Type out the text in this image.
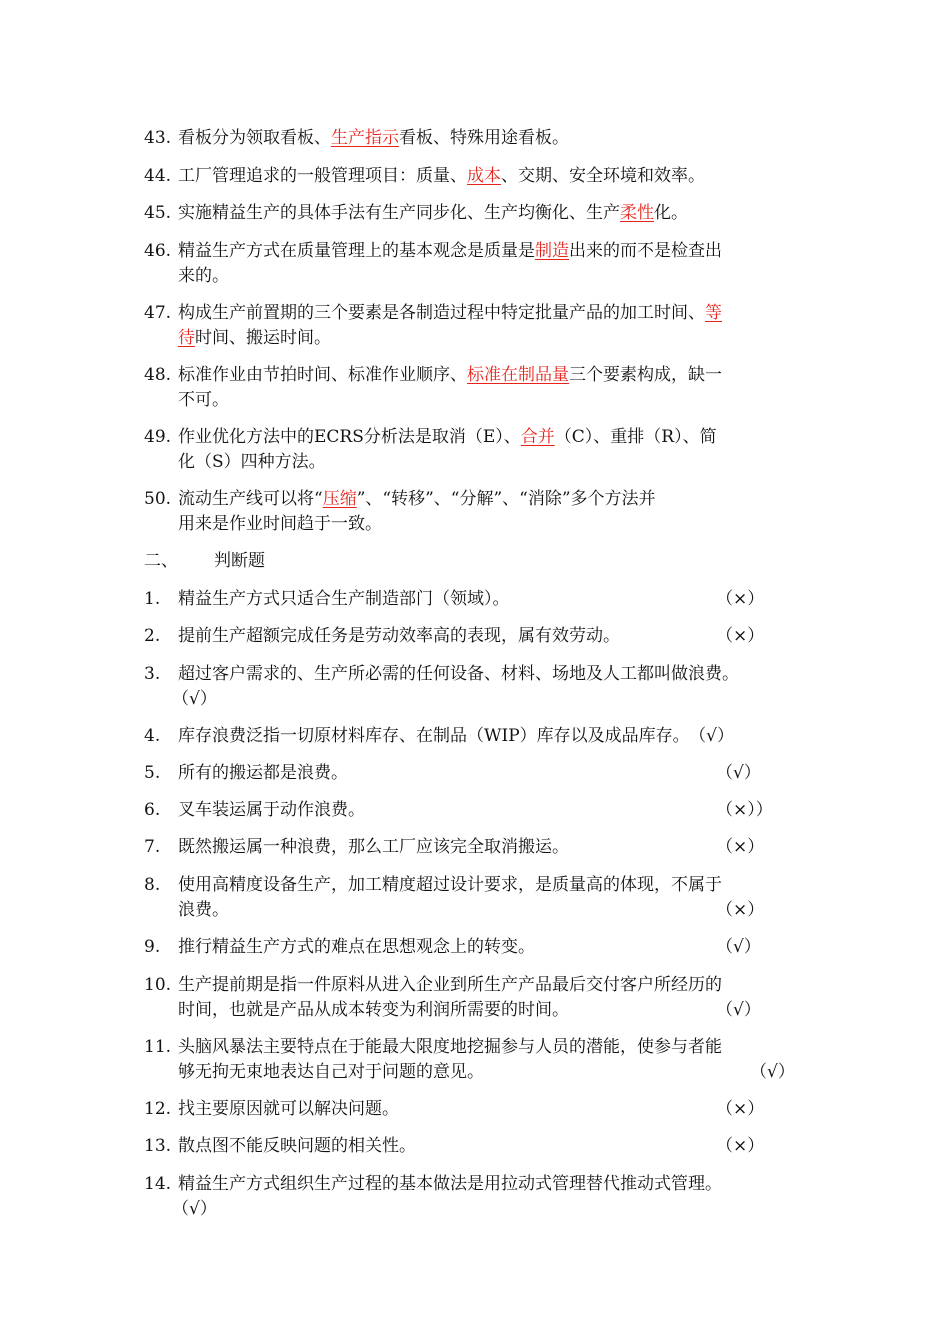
43. 看板分为领取看板、生产指示看板、特殊用途看板。
44. 工厂管理追求的一般管理项目：质量、成本、交期、安全环境和效率。
45. 实施精益生产的具体手法有生产同步化、生产均衡化、生产柔性化。
46. 精益生产方式在质量管理上的基本观念是质量是制造出来的而不是检查出
来的。
47. 构成生产前置期的三个要素是各制造过程中特定批量产品的加工时间、等
待时间、搬运时间。
48. 标准作业由节拍时间、标准作业顺序、标准在制品量三个要素构成，缺一
不可。
49. 作业优化方法中的ECRS分析法是取消（E）、合并（C）、重排（R）、简
化（S）四种方法。
50. 流动生产线可以将“压缩”、“转移”、“分解”、“消除”多个方法并
用来是作业时间趋于一致。
二、 判断题
1.	精益生产方式只适合生产制造部门（领域）。	（×）
2.	提前生产超额完成任务是劳动效率高的表现，属有效劳动。	（×）
3.	超过客户需求的、生产所必需的任何设备、材料、场地及人工都叫做浪费。
（√）
4.	库存浪费泛指一切原材料库存、在制品（WIP）库存以及成品库存。 （√）
5.	所有的搬运都是浪费。	（√）
6.	叉车装运属于动作浪费。	（×））
7.	既然搬运属一种浪费，那么工厂应该完全取消搬运。	（×）
8.	使用高精度设备生产，加工精度超过设计要求，是质量高的体现，不属于
浪费。	（×）
9.	推行精益生产方式的难点在思想观念上的转变。	（√）
10. 生产提前期是指一件原料从进入企业到所生产产品最后交付客户所经历的
时间，也就是产品从成本转变为利润所需要的时间。	（√）
11. 头脑风暴法主要特点在于能最大限度地挖掘参与人员的潜能，使参与者能
够无拘无束地表达自己对于问题的意见。	（√）
12. 找主要原因就可以解决问题。	（×）
13. 散点图不能反映问题的相关性。	（×）
14. 精益生产方式组织生产过程的基本做法是用拉动式管理替代推动式管理。
（√）
